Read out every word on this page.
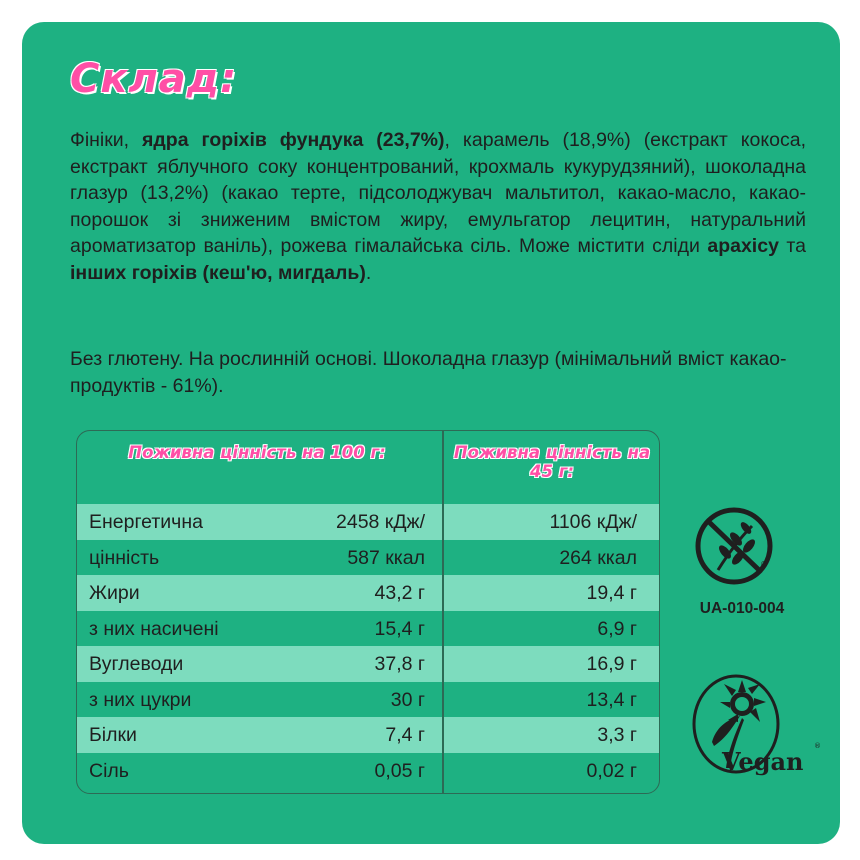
Склад:

Фініки, ядра горіхів фундука (23,7%), карамель (18,9%) (екстракт кокоса, екстракт яблучного соку концентрований, крохмаль кукурудзяний), шоколадна глазур (13,2%) (какао терте, підсолоджувач мальтитол, какао-масло, какао-порошок зі зниженим вмістом жиру, емульгатор лецитин, натуральний ароматизатор ваніль), рожева гімалайська сіль. Може містити сліди арахісу та інших горіхів (кеш'ю, мигдаль).

Без глютену. На рослинній основі. Шоколадна глазур (мінімальний вміст какао-продуктів - 61%).

Поживна цінність на 100 г:	Поживна цінність на 45 г:
Енергетична	2458 кДж/	1106 кДж/
цінність	587 ккал	264 ккал
Жири	43,2 г	19,4 г
з них насичені	15,4 г	6,9 г
Вуглеводи	37,8 г	16,9 г
з них цукри	30 г	13,4 г
Білки	7,4 г	3,3 г
Сіль	0,05 г	0,02 г
®
UA-010-004
Vegan
®
